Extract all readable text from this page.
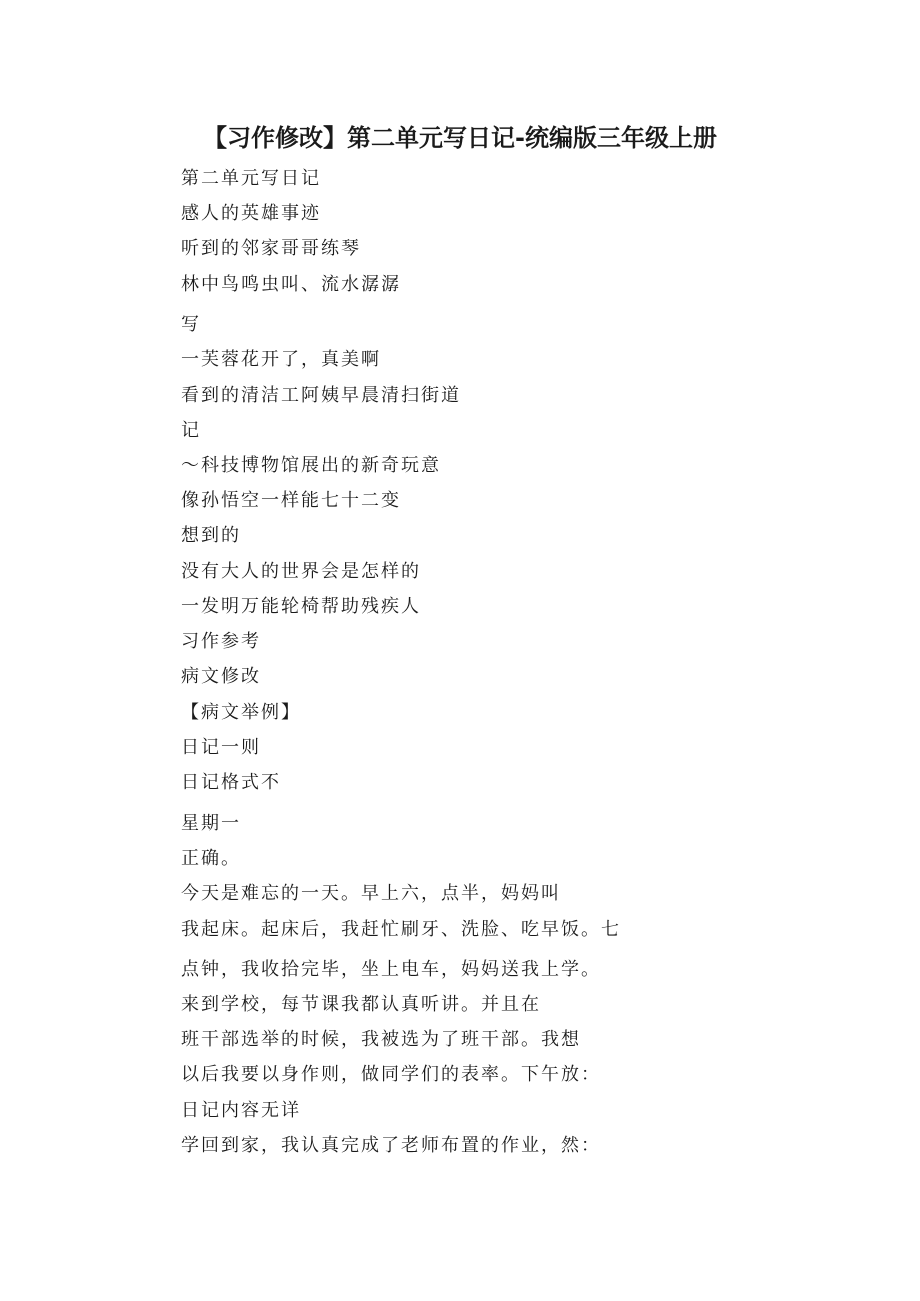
【习作修改】第二单元写日记-统编版三年级上册
第二单元写日记
感人的英雄事迹
听到的邻家哥哥练琴
林中鸟鸣虫叫、流水潺潺
写
一芙蓉花开了，真美啊
看到的清洁工阿姨早晨清扫街道
记
～科技博物馆展出的新奇玩意
像孙悟空一样能七十二变
想到的
没有大人的世界会是怎样的
一发明万能轮椅帮助残疾人
习作参考
病文修改
【病文举例】
日记一则
日记格式不
星期一
正确。
今天是难忘的一天。早上六，点半，妈妈叫
我起床。起床后，我赶忙刷牙、洗脸、吃早饭。七
点钟，我收拾完毕，坐上电车，妈妈送我上学。
来到学校，每节课我都认真听讲。并且在
班干部选举的时候，我被选为了班干部。我想
以后我要以身作则，做同学们的表率。下午放：
日记内容无详
学回到家，我认真完成了老师布置的作业，然：
